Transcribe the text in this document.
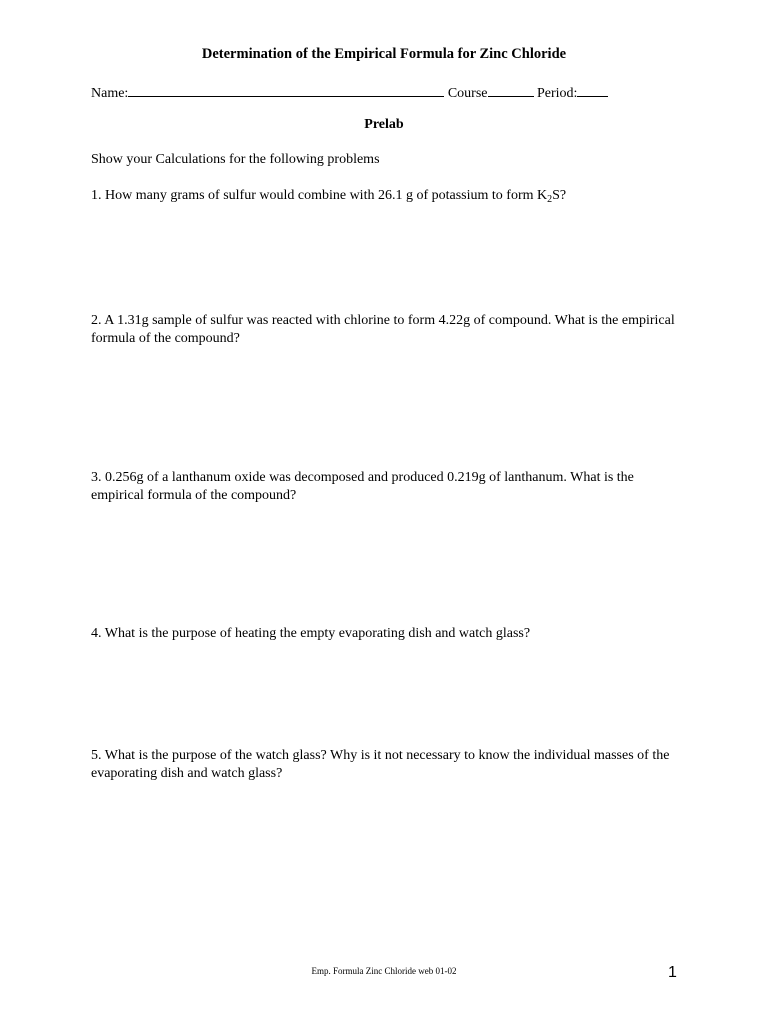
Determination of the Empirical Formula for Zinc Chloride
Name:	Course	Period:
Prelab
Show your Calculations for the following problems
1. How many grams of sulfur would combine with 26.1 g of potassium to form $K_2S$?
2. A 1.31g sample of sulfur was reacted with chlorine to form 4.22g of compound. What is the empirical formula of the compound?
3. 0.256g of a lanthanum oxide was decomposed and produced 0.219g of lanthanum. What is the empirical formula of the compound?
4. What is the purpose of heating the empty evaporating dish and watch glass?
5. What is the purpose of the watch glass? Why is it not necessary to know the individual masses of the evaporating dish and watch glass?
Emp. Formula Zinc Chloride web 01-02	1
